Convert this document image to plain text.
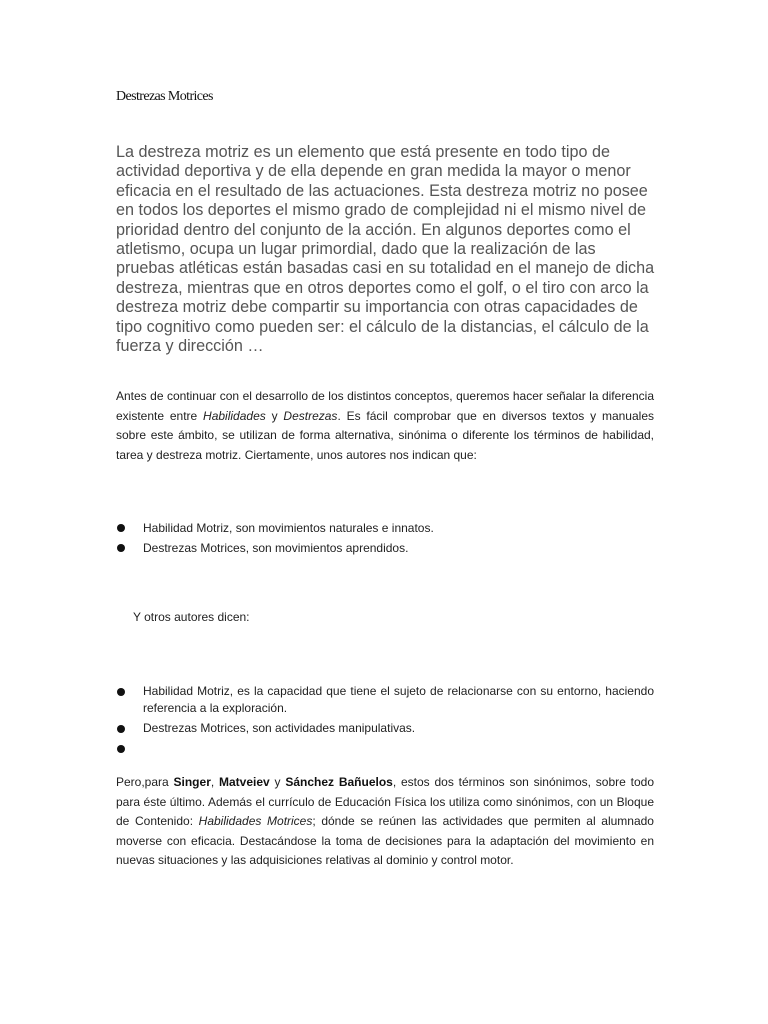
Destrezas Motrices

La destreza motriz es un elemento que está presente en todo tipo de actividad deportiva y de ella depende en gran medida la mayor o menor eficacia en el resultado de las actuaciones. Esta destreza motriz no posee en todos los deportes el mismo grado de complejidad ni el mismo nivel de prioridad dentro del conjunto de la acción. En algunos deportes como el atletismo, ocupa un lugar primordial, dado que la realización de las pruebas atléticas están basadas casi en su totalidad en el manejo de dicha destreza, mientras que en otros deportes como el golf, o el tiro con arco la destreza motriz debe compartir su importancia con otras capacidades de tipo cognitivo como pueden ser: el cálculo de la distancias, el cálculo de la fuerza y dirección …

Antes de continuar con el desarrollo de los distintos conceptos, queremos hacer señalar la diferencia existente entre Habilidades y Destrezas. Es fácil comprobar que en diversos textos y manuales sobre este ámbito, se utilizan de forma alternativa, sinónima o diferente los términos de habilidad, tarea y destreza motriz. Ciertamente, unos autores nos indican que:

Habilidad Motriz, son movimientos naturales e innatos.
Destrezas Motrices, son movimientos aprendidos.
Y otros autores dicen:
Habilidad Motriz, es la capacidad que tiene el sujeto de relacionarse con su entorno, haciendo referencia a la exploración.
Destrezas Motrices, son actividades manipulativas.

Pero,para Singer, Matveiev y Sánchez Bañuelos, estos dos términos son sinónimos, sobre todo para éste último. Además el currículo de Educación Física los utiliza como sinónimos, con un Bloque de Contenido: Habilidades Motrices; dónde se reúnen las actividades que permiten al alumnado moverse con eficacia. Destacándose la toma de decisiones para la adaptación del movimiento en nuevas situaciones y las adquisiciones relativas al dominio y control motor.
